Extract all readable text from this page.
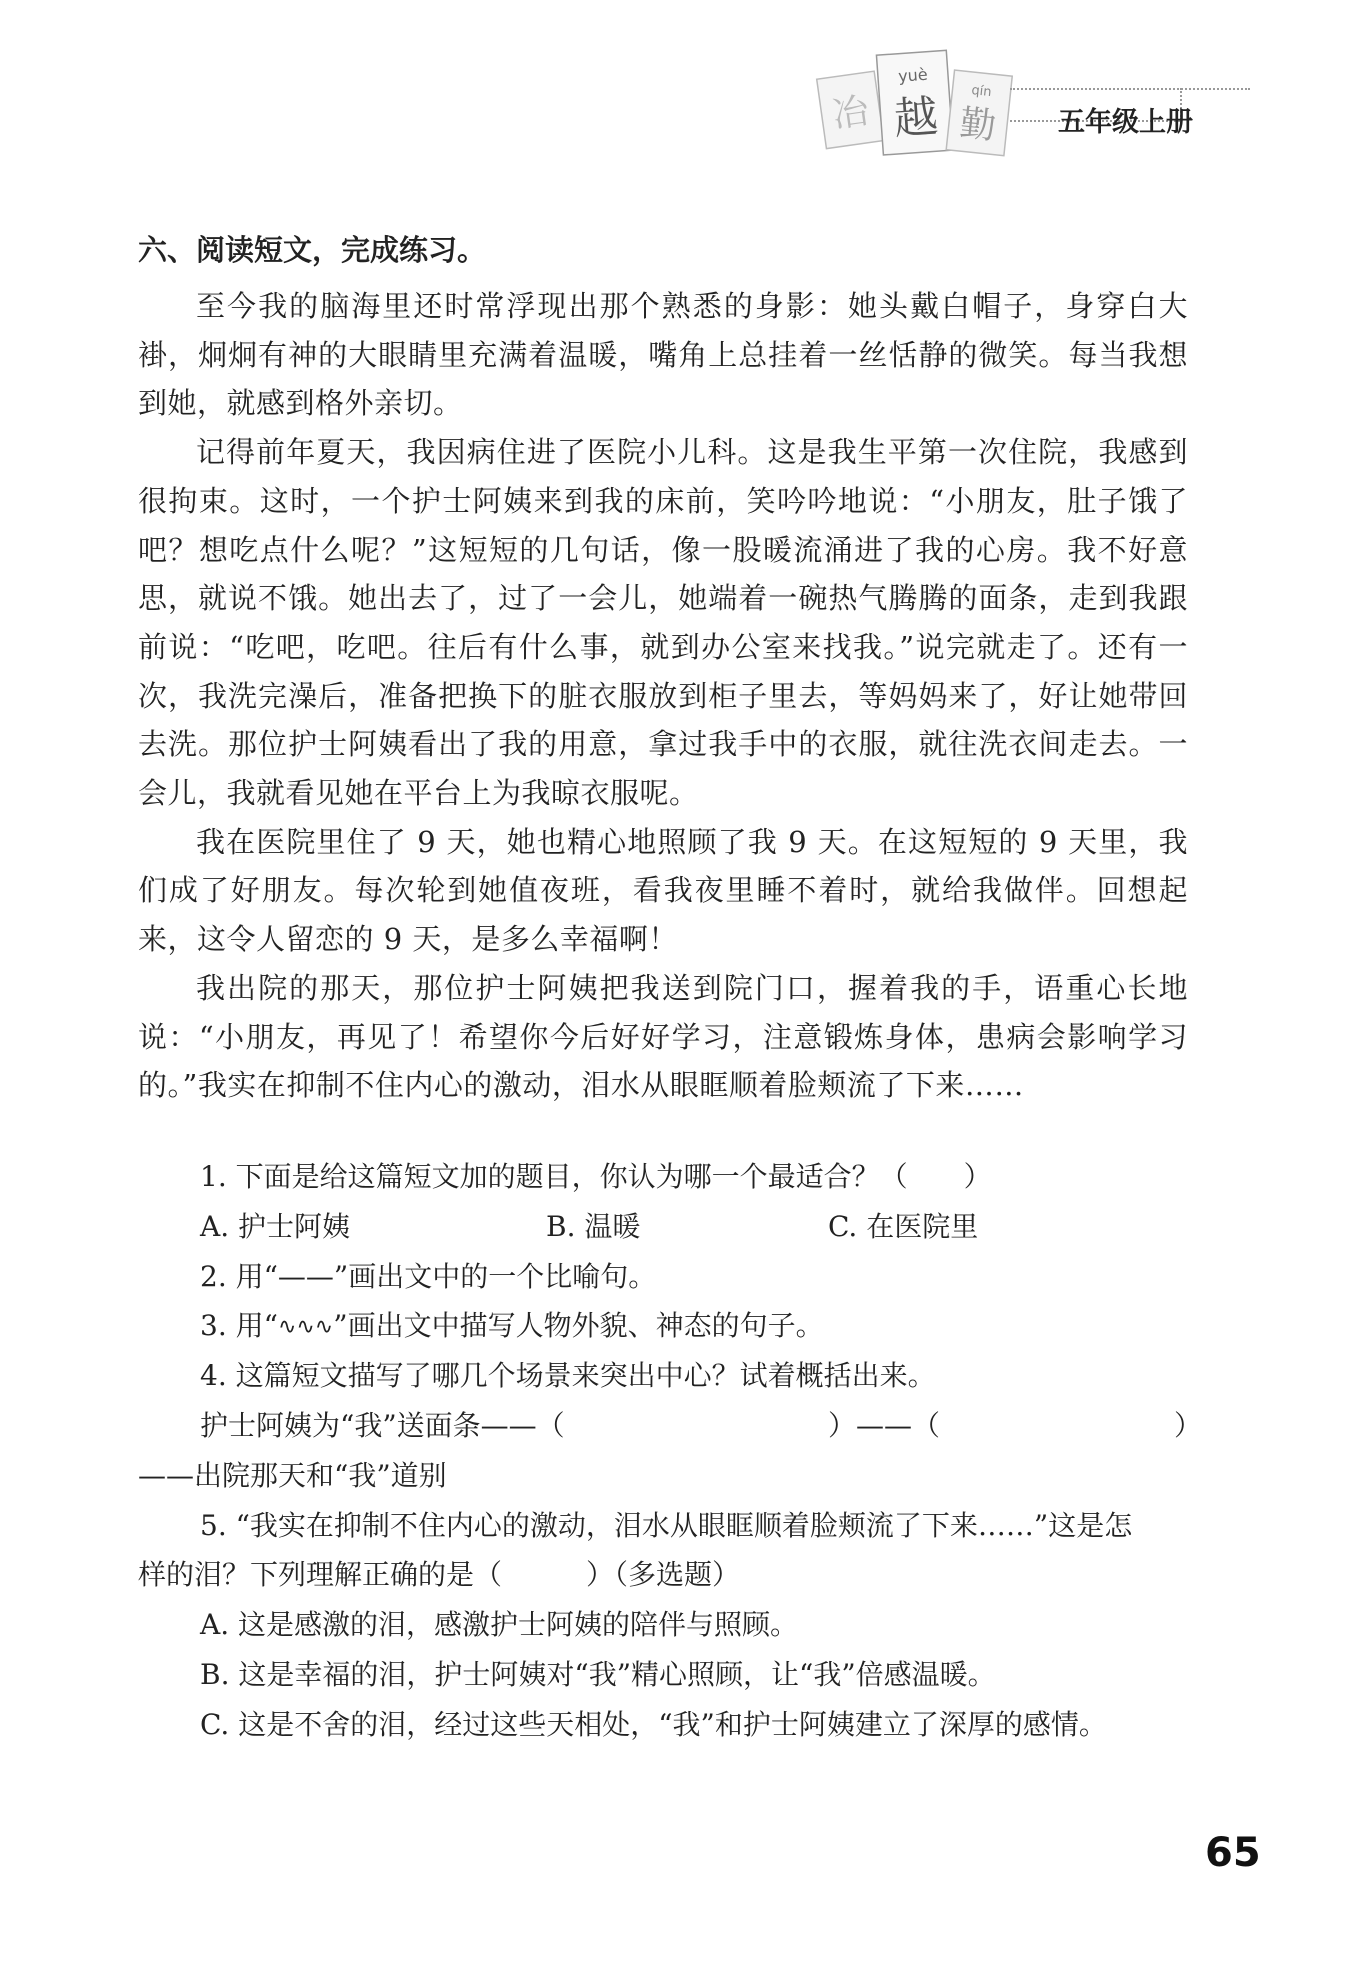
冶
yuè
越 qín
勤 五年级上册
六、阅读短文，完成练习。

至今我的脑海里还时常浮现出那个熟悉的身影：她头戴白帽子，身穿白大褂，炯炯有神的大眼睛里充满着温暖，嘴角上总挂着一丝恬静的微笑。每当我想到她，就感到格外亲切。

记得前年夏天，我因病住进了医院小儿科。这是我生平第一次住院，我感到很拘束。这时，一个护士阿姨来到我的床前，笑吟吟地说：“小朋友，肚子饿了吧？想吃点什么呢？”这短短的几句话，像一股暖流涌进了我的心房。我不好意思，就说不饿。她出去了，过了一会儿，她端着一碗热气腾腾的面条，走到我跟前说：“吃吧，吃吧。往后有什么事，就到办公室来找我。”说完就走了。还有一次，我洗完澡后，准备把换下的脏衣服放到柜子里去，等妈妈来了，好让她带回去洗。那位护士阿姨看出了我的用意，拿过我手中的衣服，就往洗衣间走去。一会儿，我就看见她在平台上为我晾衣服呢。

我在医院里住了 9 天，她也精心地照顾了我 9 天。在这短短的 9 天里，我们成了好朋友。每次轮到她值夜班，看我夜里睡不着时，就给我做伴。回想起来，这令人留恋的 9 天，是多么幸福啊！

我出院的那天，那位护士阿姨把我送到院门口，握着我的手，语重心长地说：“小朋友，再见了！希望你今后好好学习，注意锻炼身体，患病会影响学习的。”我实在抑制不住内心的激动，泪水从眼眶顺着脸颊流了下来……

1. 下面是给这篇短文加的题目，你认为哪一个最适合？（　　）
A. 护士阿姨	B. 温暖	C. 在医院里
2. 用“——”画出文中的一个比喻句。
3. 用“∿∿∿”画出文中描写人物外貌、神态的句子。
4. 这篇短文描写了哪几个场景来突出中心？试着概括出来。
护士阿姨为“我”送面条——（	）——（	）
——出院那天和“我”道别
5. “我实在抑制不住内心的激动，泪水从眼眶顺着脸颊流了下来……”这是怎
样的泪？下列理解正确的是（　　　）（多选题）
A. 这是感激的泪，感激护士阿姨的陪伴与照顾。
B. 这是幸福的泪，护士阿姨对“我”精心照顾，让“我”倍感温暖。
C. 这是不舍的泪，经过这些天相处，“我”和护士阿姨建立了深厚的感情。
65
